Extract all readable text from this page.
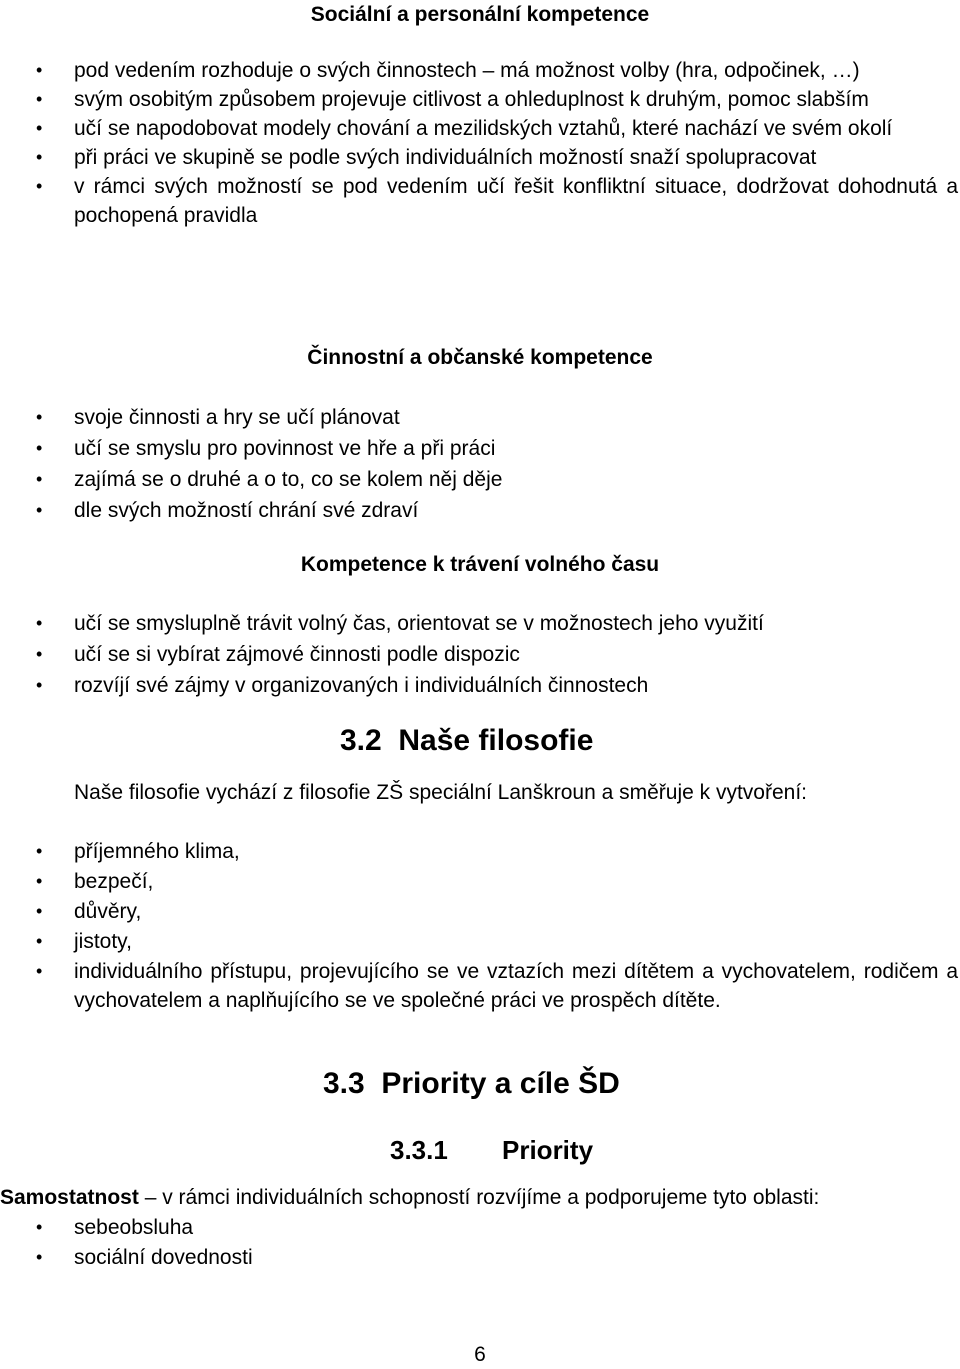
Sociální a personální kompetence
• pod vedením rozhoduje o svých činnostech – má možnost volby (hra, odpočinek, …)
• svým osobitým způsobem projevuje citlivost a ohleduplnost k druhým, pomoc slabším
• učí se napodobovat modely chování a mezilidských vztahů, které nachází ve svém okolí
• při práci ve skupině se podle svých individuálních možností snaží spolupracovat
• v rámci svých možností se pod vedením učí řešit konfliktní situace, dodržovat dohodnutá a pochopená pravidla
Činnostní a občanské kompetence
• svoje činnosti a hry se učí plánovat
• učí se smyslu pro povinnost ve hře a při práci
• zajímá se o druhé a o to, co se kolem něj děje
• dle svých možností chrání své zdraví
Kompetence k trávení volného času
• učí se smysluplně trávit volný čas, orientovat se v možnostech jeho využití
• učí se si vybírat zájmové činnosti podle dispozic
• rozvíjí své zájmy v organizovaných i individuálních činnostech
3.2  Naše filosofie
Naše filosofie vychází z filosofie ZŠ speciální Lanškroun a směřuje k vytvoření:
• příjemného klima,
• bezpečí,
• důvěry,
• jistoty,
• individuálního přístupu, projevujícího se ve vztazích mezi dítětem a vychovatelem, rodičem a vychovatelem a naplňujícího se ve společné práci ve prospěch dítěte.
3.3  Priority a cíle ŠD
3.3.1 Priority
Samostatnost – v rámci individuálních schopností rozvíjíme a podporujeme tyto oblasti:
• sebeobsluha
• sociální dovednosti
6
